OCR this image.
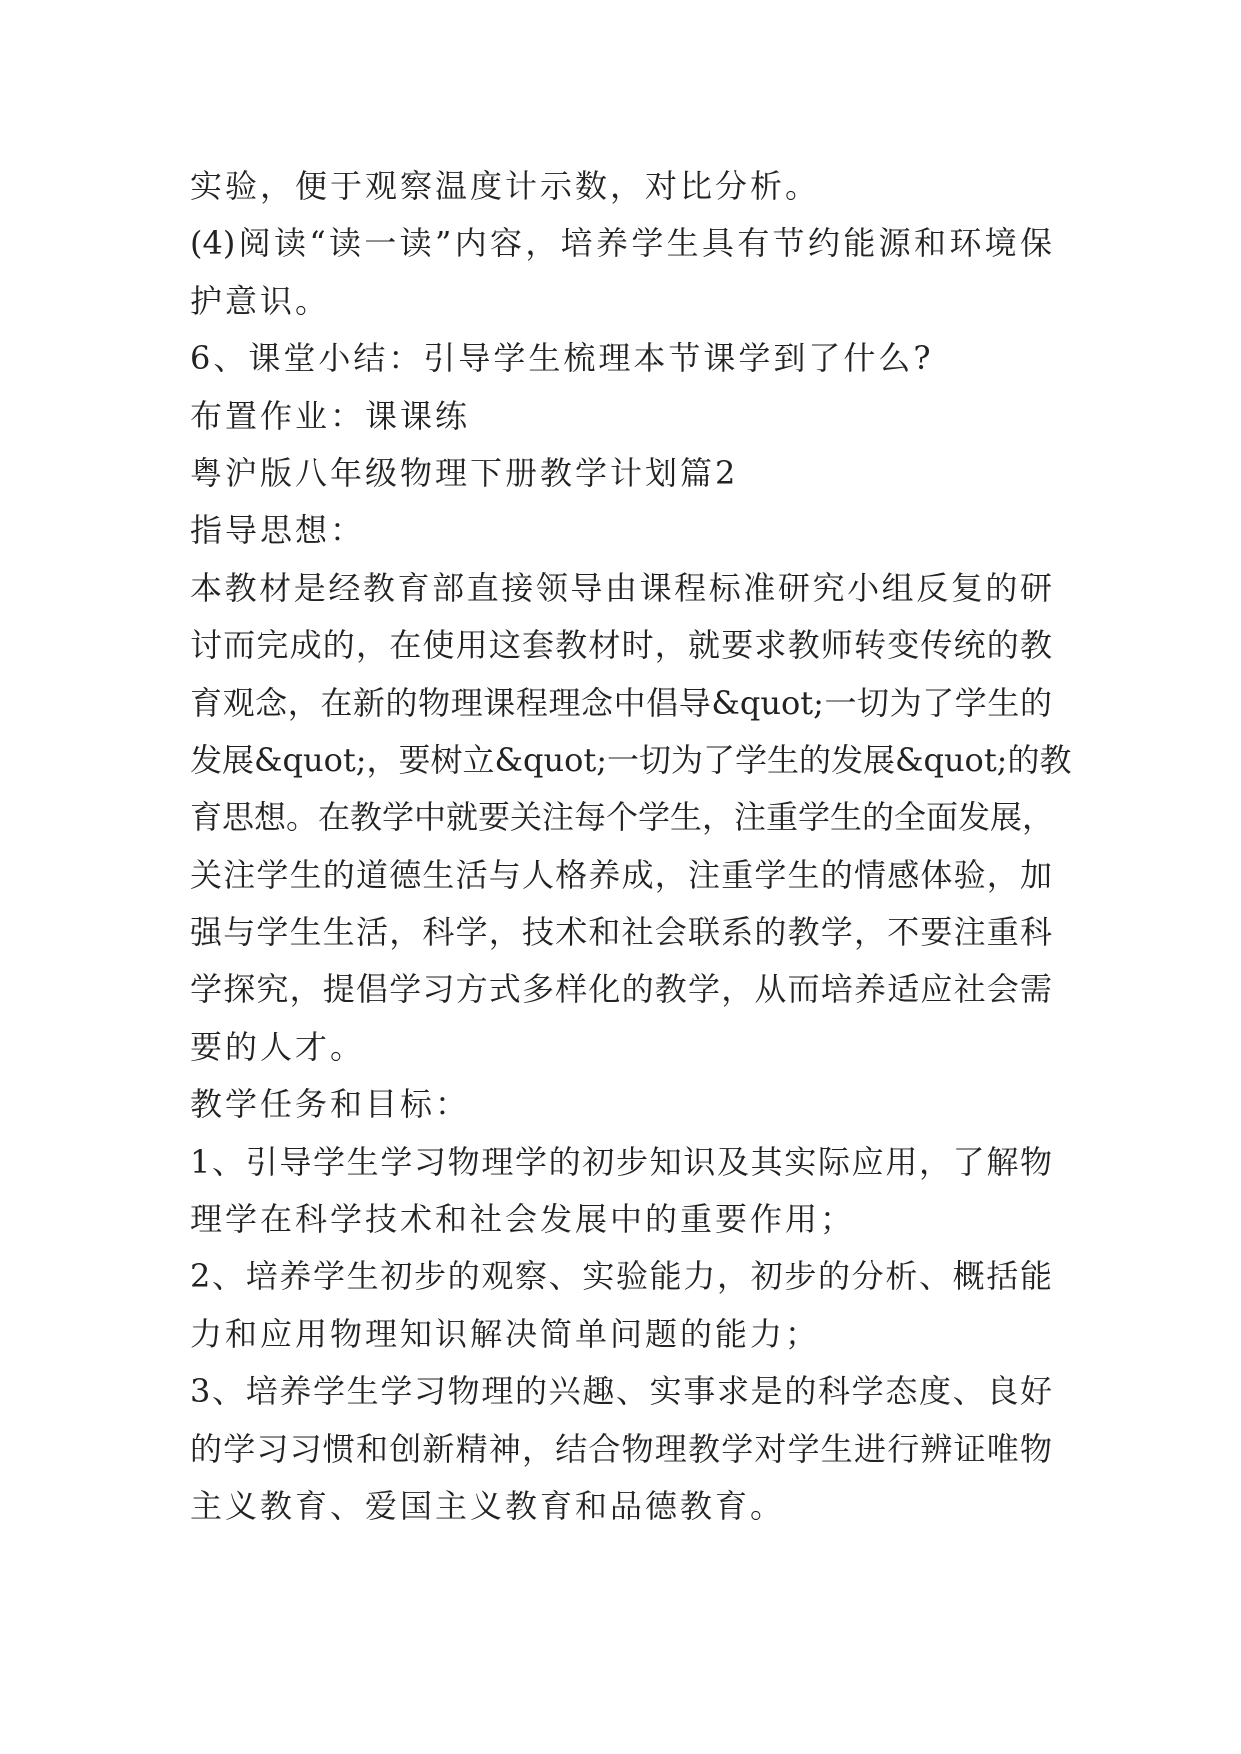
实验，便于观察温度计示数，对比分析。
(4)阅读“读一读”内容，培养学生具有节约能源和环境保
护意识。
6、课堂小结：引导学生梳理本节课学到了什么?
布置作业：课课练
粤沪版八年级物理下册教学计划篇2
指导思想：
本教材是经教育部直接领导由课程标准研究小组反复的研
讨而完成的，在使用这套教材时，就要求教师转变传统的教
育观念，在新的物理课程理念中倡导&quot;一切为了学生的
发展&quot;，要树立&quot;一切为了学生的发展&quot;的教
育思想。在教学中就要关注每个学生，注重学生的全面发展，
关注学生的道德生活与人格养成，注重学生的情感体验，加
强与学生生活，科学，技术和社会联系的教学，不要注重科
学探究，提倡学习方式多样化的教学，从而培养适应社会需
要的人才。
教学任务和目标：
1、引导学生学习物理学的初步知识及其实际应用，了解物
理学在科学技术和社会发展中的重要作用；
2、培养学生初步的观察、实验能力，初步的分析、概括能
力和应用物理知识解决简单问题的能力；
3、培养学生学习物理的兴趣、实事求是的科学态度、良好
的学习习惯和创新精神，结合物理教学对学生进行辨证唯物
主义教育、爱国主义教育和品德教育。
